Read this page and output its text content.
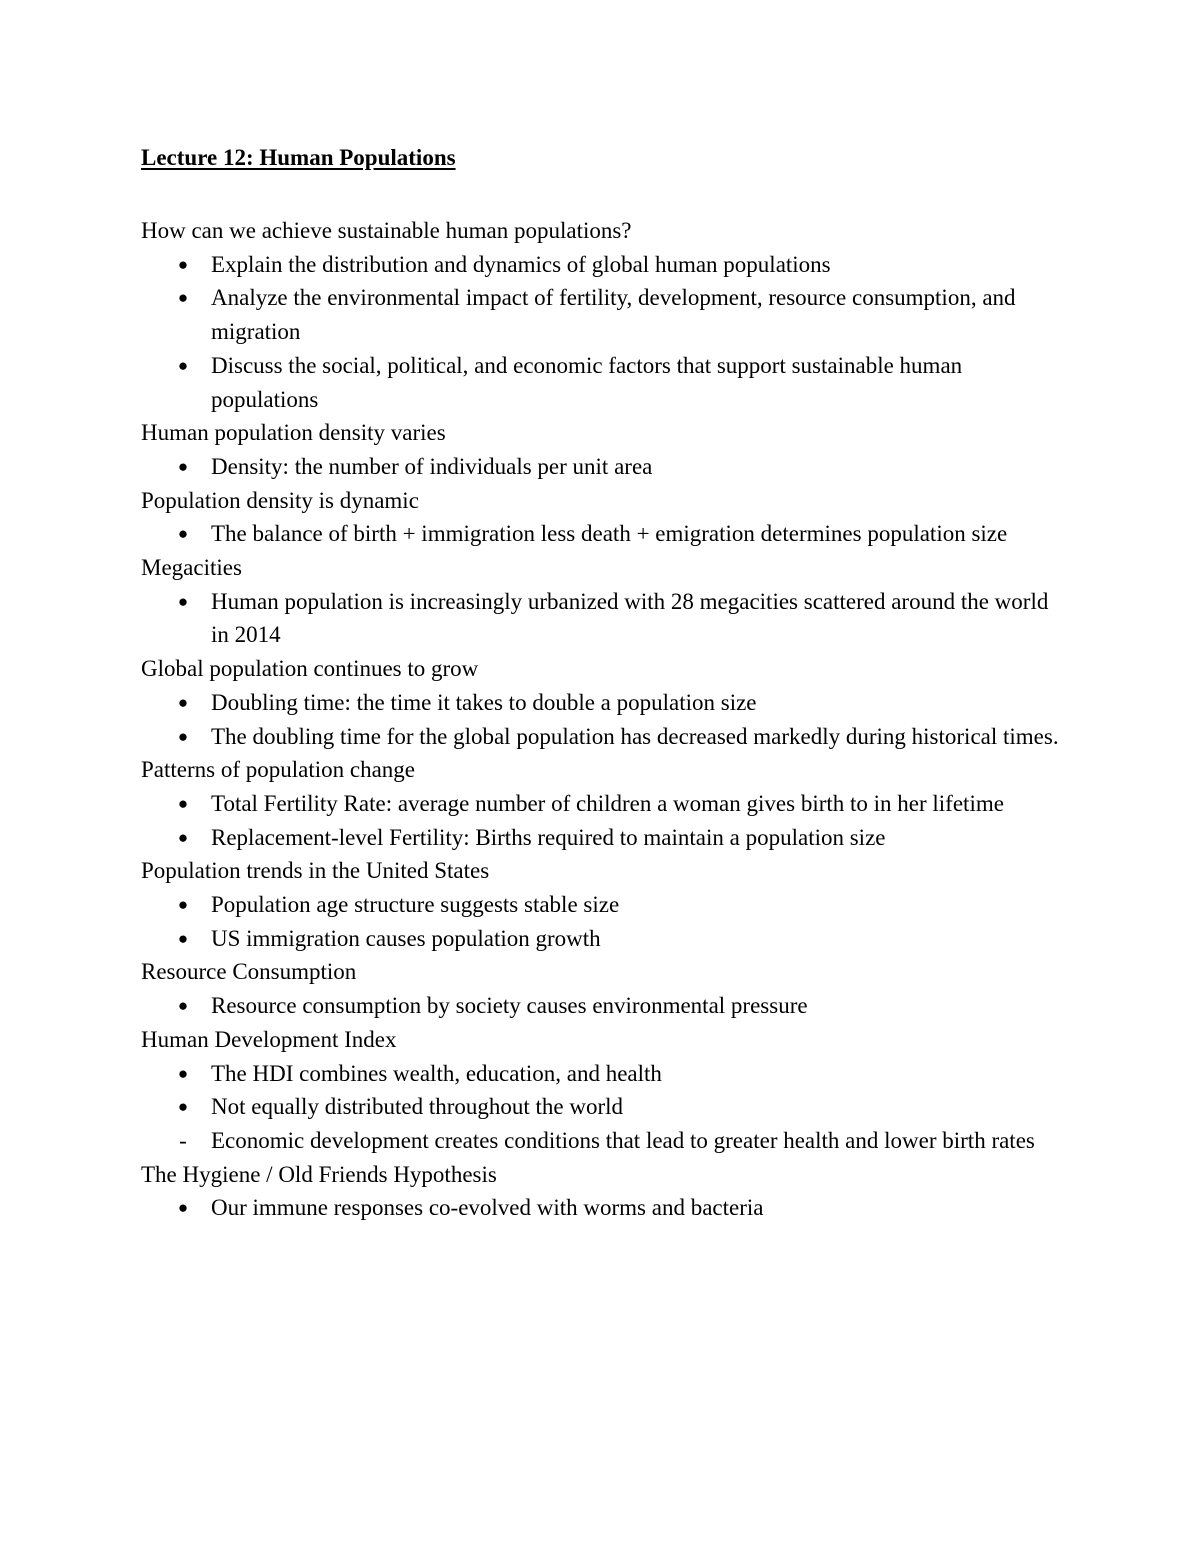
Lecture 12: Human Populations
How can we achieve sustainable human populations?
● Explain the distribution and dynamics of global human populations
● Analyze the environmental impact of fertility, development, resource consumption, and migration
● Discuss the social, political, and economic factors that support sustainable human populations
Human population density varies
● Density: the number of individuals per unit area
Population density is dynamic
● The balance of birth + immigration less death + emigration determines population size
Megacities
● Human population is increasingly urbanized with 28 megacities scattered around the world in 2014
Global population continues to grow
● Doubling time: the time it takes to double a population size
● The doubling time for the global population has decreased markedly during historical times.
Patterns of population change
● Total Fertility Rate: average number of children a woman gives birth to in her lifetime
● Replacement-level Fertility: Births required to maintain a population size
Population trends in the United States
● Population age structure suggests stable size
● US immigration causes population growth
Resource Consumption
● Resource consumption by society causes environmental pressure
Human Development Index
● The HDI combines wealth, education, and health
● Not equally distributed throughout the world
- Economic development creates conditions that lead to greater health and lower birth rates
The Hygiene / Old Friends Hypothesis
● Our immune responses co-evolved with worms and bacteria
